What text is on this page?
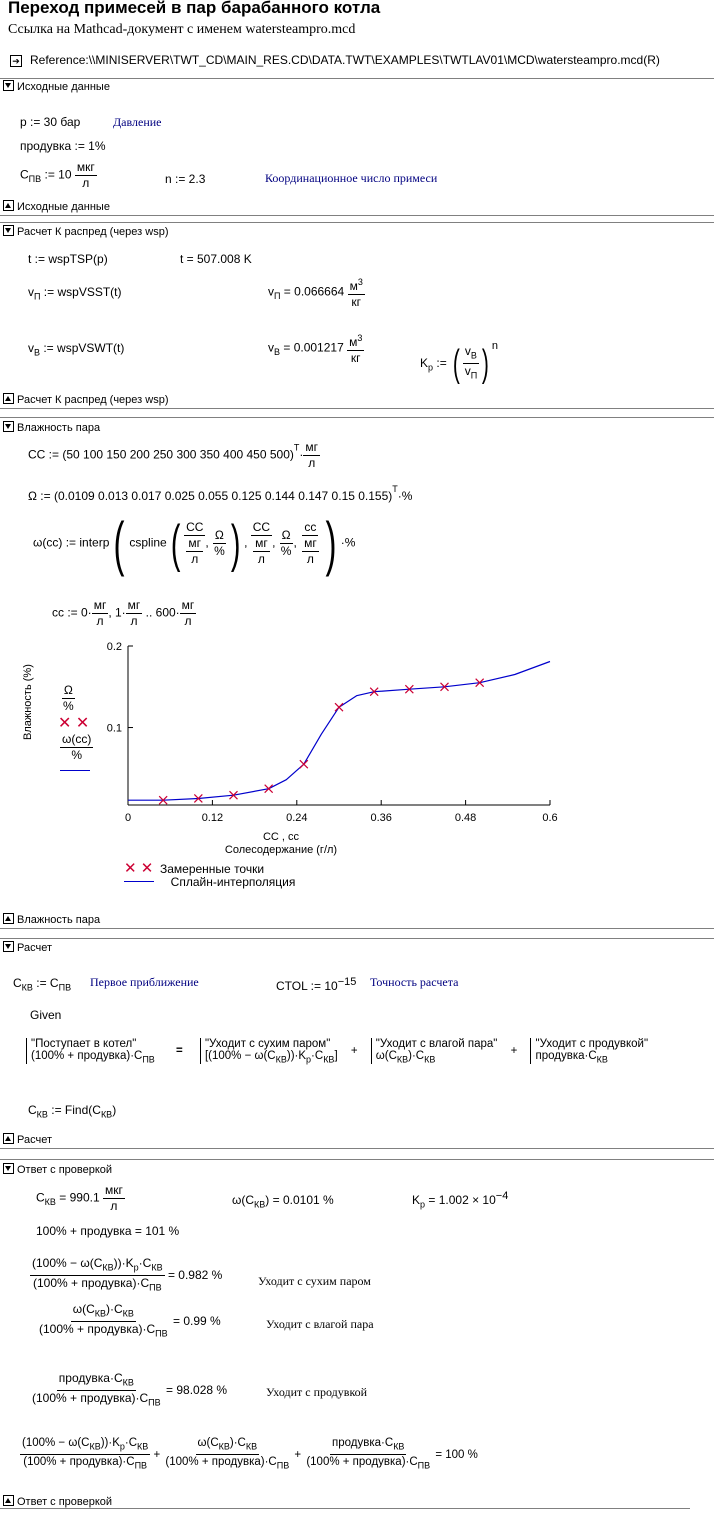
Переход примесей в пар барабанного котла
Ссылка на Mathcad-документ с именем watersteampro.mcd
➔ Reference:\\MINISERVER\TWT_CD\MAIN_RES.CD\DATA.TWT\EXAMPLES\TWTLAV01\MCD\watersteampro.mcd(R)
Исходные данные
p := 30 бар	Давление
продувка := 1%
$C_{ПВ}$ := $10 \frac{\text{мкг}}{л}$	n := 2.3	Координационное число примеси
Исходные данные
Расчет К распред (через wsp)
t := wspTSP(p)	t = 507.008 K
$v_П$ := wspVSST(t)	$v_П = 0.066664 \frac{м^3}{кг}$
$v_В$ := wspVSWT(t)	$v_В = 0.001217 \frac{м^3}{кг}$	$K_p$ := ( $\frac{v_В}{v_П}$ ) $^n$
Расчет К распред (через wsp)
Влажность пара
CC := (50 100 150 200 250 300 350 400 450 $500)^T\cdot \frac{мг}{л}$
Ω := (0.0109 0.013 0.017 0.025 0.055 0.125 0.144 0.147 0.15 0.155)$^T$·%
ω(cc) := interp( cspline( $\frac{CC}{\frac{мг}{л}}$ , $\frac{\Omega}{\%}$ ) , $\frac{CC}{\frac{мг}{л}}$ , $\frac{\Omega}{\%}$ , $\frac{cc}{\frac{мг}{л}}$ ) ·%
cc := $0\cdot \frac{мг}{л}$ , $1\cdot \frac{мг}{л}$ .. $600\cdot \frac{мг}{л}$
0	0.12	0.24	0.36	0.48	0.6
0.1
0.2
CC , cc
Солесодержание (г/л)
Влажность (%) $\frac{\Omega}{\%}$
✕ ✕
$\frac{\omega(cc)}{\%}$
✕ ✕ Замеренные точки
Сплайн-интерполяция
Влажность пара
Расчет
$C_{КВ}$ := $C_{ПВ}$ Первое приближение	CTOL := $10^{-15}$ Точность расчета
Given
"Поступает в котел"
$(100\% + продувка)\cdot C_{ПВ}$ = "Уходит с сухим паром"
$[(100\% - \omega(C_{КВ}))\cdot K_p\cdot C_{КВ}]$ + "Уходит с влагой пара"
$\omega(C_{КВ})\cdot C_{КВ}$ + "Уходит с продувкой"
$продувка\cdot C_{КВ}$
$C_{КВ}$ := $Find(C_{КВ})$
Расчет
Ответ с проверкой
$C_{КВ} = 990.1 \frac{\text{мкг}}{л}$	$\omega(C_{КВ}) = 0.0101$ %	$K_p = 1.002 \times 10^{-4}$
100% + продувка = 101 %
$\frac{(100\% - \omega(C_{КВ}))\cdot K_p\cdot C_{КВ}}{(100\% + продувка)\cdot C_{ПВ}} = 0.982$ %	Уходит с сухим паром
$\frac{\omega(C_{КВ})\cdot C_{КВ}}{(100\% + продувка)\cdot C_{ПВ}} = 0.99$ %	Уходит с влагой пара
$\frac{продувка\cdot C_{КВ}}{(100\% + продувка)\cdot C_{ПВ}} = 98.028$ %	Уходит с продувкой
$\frac{(100\% - \omega(C_{КВ}))\cdot K_p\cdot C_{КВ}}{(100\% + продувка)\cdot C_{ПВ}} + \frac{\omega(C_{КВ})\cdot C_{КВ}}{(100\% + продувка)\cdot C_{ПВ}} + \frac{продувка\cdot C_{КВ}}{(100\% + продувка)\cdot C_{ПВ}} = 100$ %
Ответ с проверкой
